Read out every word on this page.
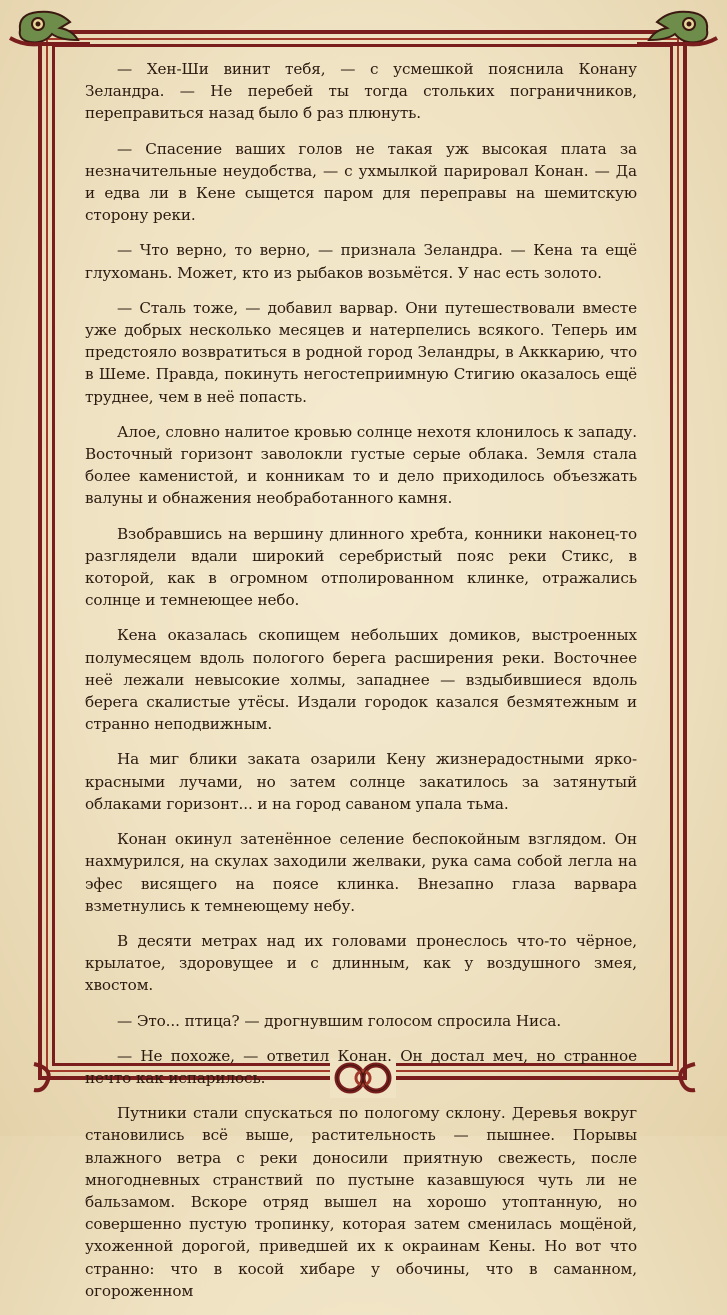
— Хен-Ши винит тебя, — с усмешкой пояснила Конану Зеландра. — Не перебей ты тогда стольких пограничников, переправиться назад было б раз плюнуть.

— Спасение ваших голов не такая уж высокая плата за незначительные неудобства, — с ухмылкой парировал Конан. — Да и едва ли в Кене сыщется паром для переправы на шемитскую сторону реки.

— Что верно, то верно, — признала Зеландра. — Кена та ещё глухомань. Может, кто из рыбаков возьмётся. У нас есть золото.

— Сталь тоже, — добавил варвар. Они путешествовали вместе уже добрых несколько месяцев и натерпелись всякого. Теперь им предстояло возвратиться в родной город Зеландры, в Акккарию, что в Шеме. Правда, покинуть негостеприимную Стигию оказалось ещё труднее, чем в неё попасть.

Алое, словно налитое кровью солнце нехотя клонилось к западу. Восточный горизонт заволокли густые серые облака. Земля стала более каменистой, и конникам то и дело приходилось объезжать валуны и обнажения необработанного камня.

Взобравшись на вершину длинного хребта, конники наконец-то разглядели вдали широкий серебристый пояс реки Стикс, в которой, как в огромном отполированном клинке, отражались солнце и темнеющее небо.

Кена оказалась скопищем небольших домиков, выстроенных полумесяцем вдоль пологого берега расширения реки. Восточнее неё лежали невысокие холмы, западнее — вздыбившиеся вдоль берега скалистые утёсы. Издали городок казался безмятежным и странно неподвижным.

На миг блики заката озарили Кену жизнерадостными ярко-красными лучами, но затем солнце закатилось за затянутый облаками горизонт... и на город саваном упала тьма.

Конан окинул затенённое селение беспокойным взглядом. Он нахмурился, на скулах заходили желваки, рука сама собой легла на эфес висящего на поясе клинка. Внезапно глаза варвара взметнулись к темнеющему небу.

В десяти метрах над их головами пронеслось что-то чёрное, крылатое, здоровущее и с длинным, как у воздушного змея, хвостом.

— Это... птица? — дрогнувшим голосом спросила Ниса.

— Не похоже, — ответил Конан. Он достал меч, но странное нечто как испарилось.

Путники стали спускаться по пологому склону. Деревья вокруг становились всё выше, растительность — пышнее. Порывы влажного ветра с реки доносили приятную свежесть, после многодневных странствий по пустыне казавшуюся чуть ли не бальзамом. Вскоре отряд вышел на хорошо утоптанную, но совершенно пустую тропинку, которая затем сменилась мощёной, ухоженной дорогой, приведшей их к окраинам Кены. Но вот что странно: что в косой хибаре у обочины, что в саманном, огороженном
